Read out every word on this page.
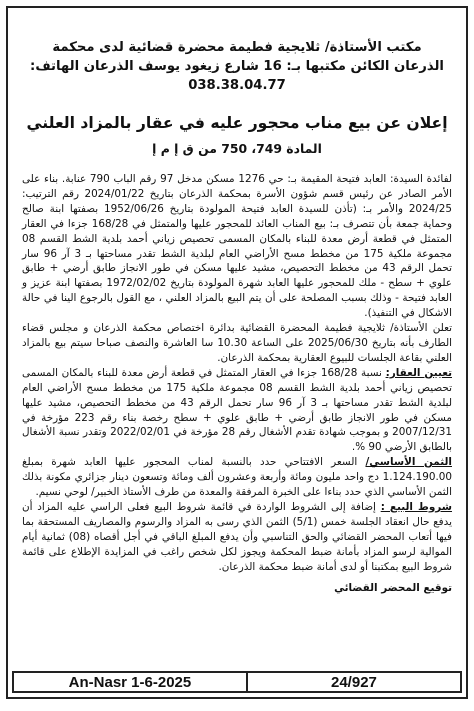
مكتب الأستاذة/ ثلايجية فطيمة محضرة قضائية لدى محكمة
الذرعان الكائن مكتبها بـ: 16 شارع زيغود يوسف الذرعان الهاتف:
038.38.04.77
إعلان عن بيع مناب محجور عليه في عقار بالمزاد العلني
المادة 749، 750 من ق إ م إ

لفائدة السيدة: العابد فتيحة المقيمة بـ: حي 1276 مسكن مدخل 97 رقم الباب 790 عنابة. بناء على الأمر الصادر عن رئيس قسم شؤون الأسرة بمحكمة الذرعان بتاريخ 2024/01/22 رقم الترتيب: 2024/25 والأمر بـ: (تأذن للسيدة العابد فتيحة المولودة بتاريخ 1952/06/26 بصفتها ابنة صالح وحماية جمعة بأن تتصرف بـ: بيع المناب العائد للمحجور عليها والمتمثل في 168/28 جزءا في العقار المتمثل في قطعة أرض معدة للبناء بالمكان المسمى تحصيص زياني أحمد بلدية الشط القسم 08 مجموعة ملكية 175 من مخطط مسح الأراضي العام لبلدية الشط تقدر مساحتها بـ 3 آر 96 سار تحمل الرقم 43 من مخطط التحصيص، مشيد عليها مسكن في طور الانجاز طابق أرضي + طابق علوي + سطح - ملك للمحجور عليها العابد شهرة المولودة بتاريخ 1972/02/02 بصفتها ابنة عزيز و العابد فتيحة - وذلك بسبب المصلحة على أن يتم البيع بالمزاد العلني ، مع القول بالرجوع الينا في حالة الاشكال في التنفيذ).

تعلن الأستاذة/ ثلايجية فطيمة المحضرة القضائية بدائرة اختصاص محكمة الذرعان و مجلس قضاء الطارف بأنه بتاريخ 2025/06/30 على الساعة 10.30 سا العاشرة والنصف صباحا سيتم بيع بالمزاد العلني بقاعة الجلسات للبيوع العقارية بمحكمة الذرعان.

تعيين العقار: نسبة 168/28 جزءا في العقار المتمثل في قطعة أرض معدة للبناء بالمكان المسمى تحصيص زياني أحمد بلدية الشط القسم 08 مجموعة ملكية 175 من مخطط مسح الأراضي العام لبلدية الشط تقدر مساحتها بـ 3 آر 96 سار تحمل الرقم 43 من مخطط التحصيص، مشيد عليها مسكن في طور الانجاز طابق أرضي + طابق علوي + سطح رخصة بناء رقم 223 مؤرخة في 2007/12/31 و بموجب شهادة تقدم الأشغال رقم 28 مؤرخة في 2022/02/01 وتقدر نسبة الأشغال بالطابق الأرضي 90 %.

الثمن الأساسي/ السعر الافتتاحي حدد بالنسبة لمناب المحجور عليها العابد شهرة بمبلغ 1.124.190.00 دج واحد مليون ومائة وأربعة وعشرون ألف ومائة وتسعون دينار جزائري مكونة بذلك الثمن الأساسي الذي حدد بناءا على الخبرة المرفقة والمعدة من طرف الأستاذ الخبير/ لوحي نسيم.

شروط البيع : إضافة إلى الشروط الواردة في قائمة شروط البيع فعلى الراسي عليه المزاد أن يدفع حال انعقاد الجلسة خمس (5/1) الثمن الذي رسى به المزاد والرسوم والمصاريف المستحقة بما فيها أتعاب المحضر القضائي والحق التناسبي وأن يدفع المبلغ الباقي في أجل أقصاه (08) ثمانية أيام الموالية لرسو المزاد بأمانة ضبط المحكمة ويجوز لكل شخص راغب في المزايدة الإطلاع على قائمة شروط البيع بمكتبنا أو لدى أمانة ضبط محكمة الذرعان.

توقيع المحضر القضائي

An-Nasr 1-6-2025	24/927
